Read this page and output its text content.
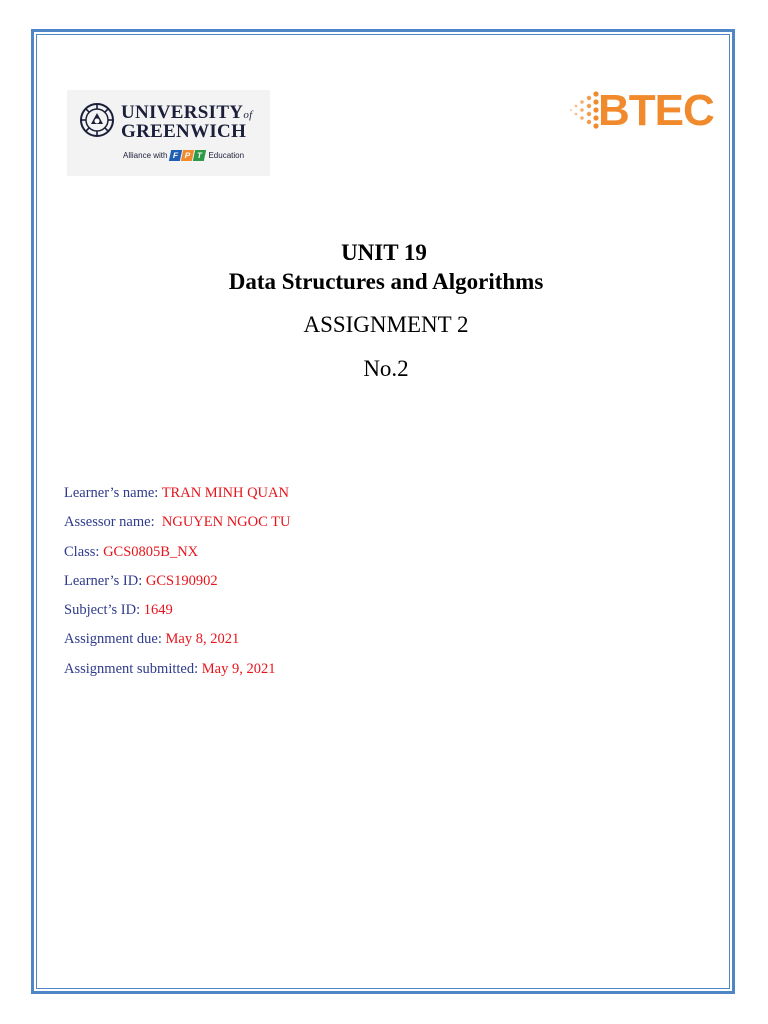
UNIVERSITYof
GREENWICH
Alliance with F P T Education
BTEC
UNIT 19
Data Structures and Algorithms
ASSIGNMENT 2
No.2
Learner’s name: TRAN MINH QUAN
Assessor name:  NGUYEN NGOC TU
Class: GCS0805B_NX
Learner’s ID: GCS190902
Subject’s ID: 1649
Assignment due: May 8, 2021
Assignment submitted: May 9, 2021
